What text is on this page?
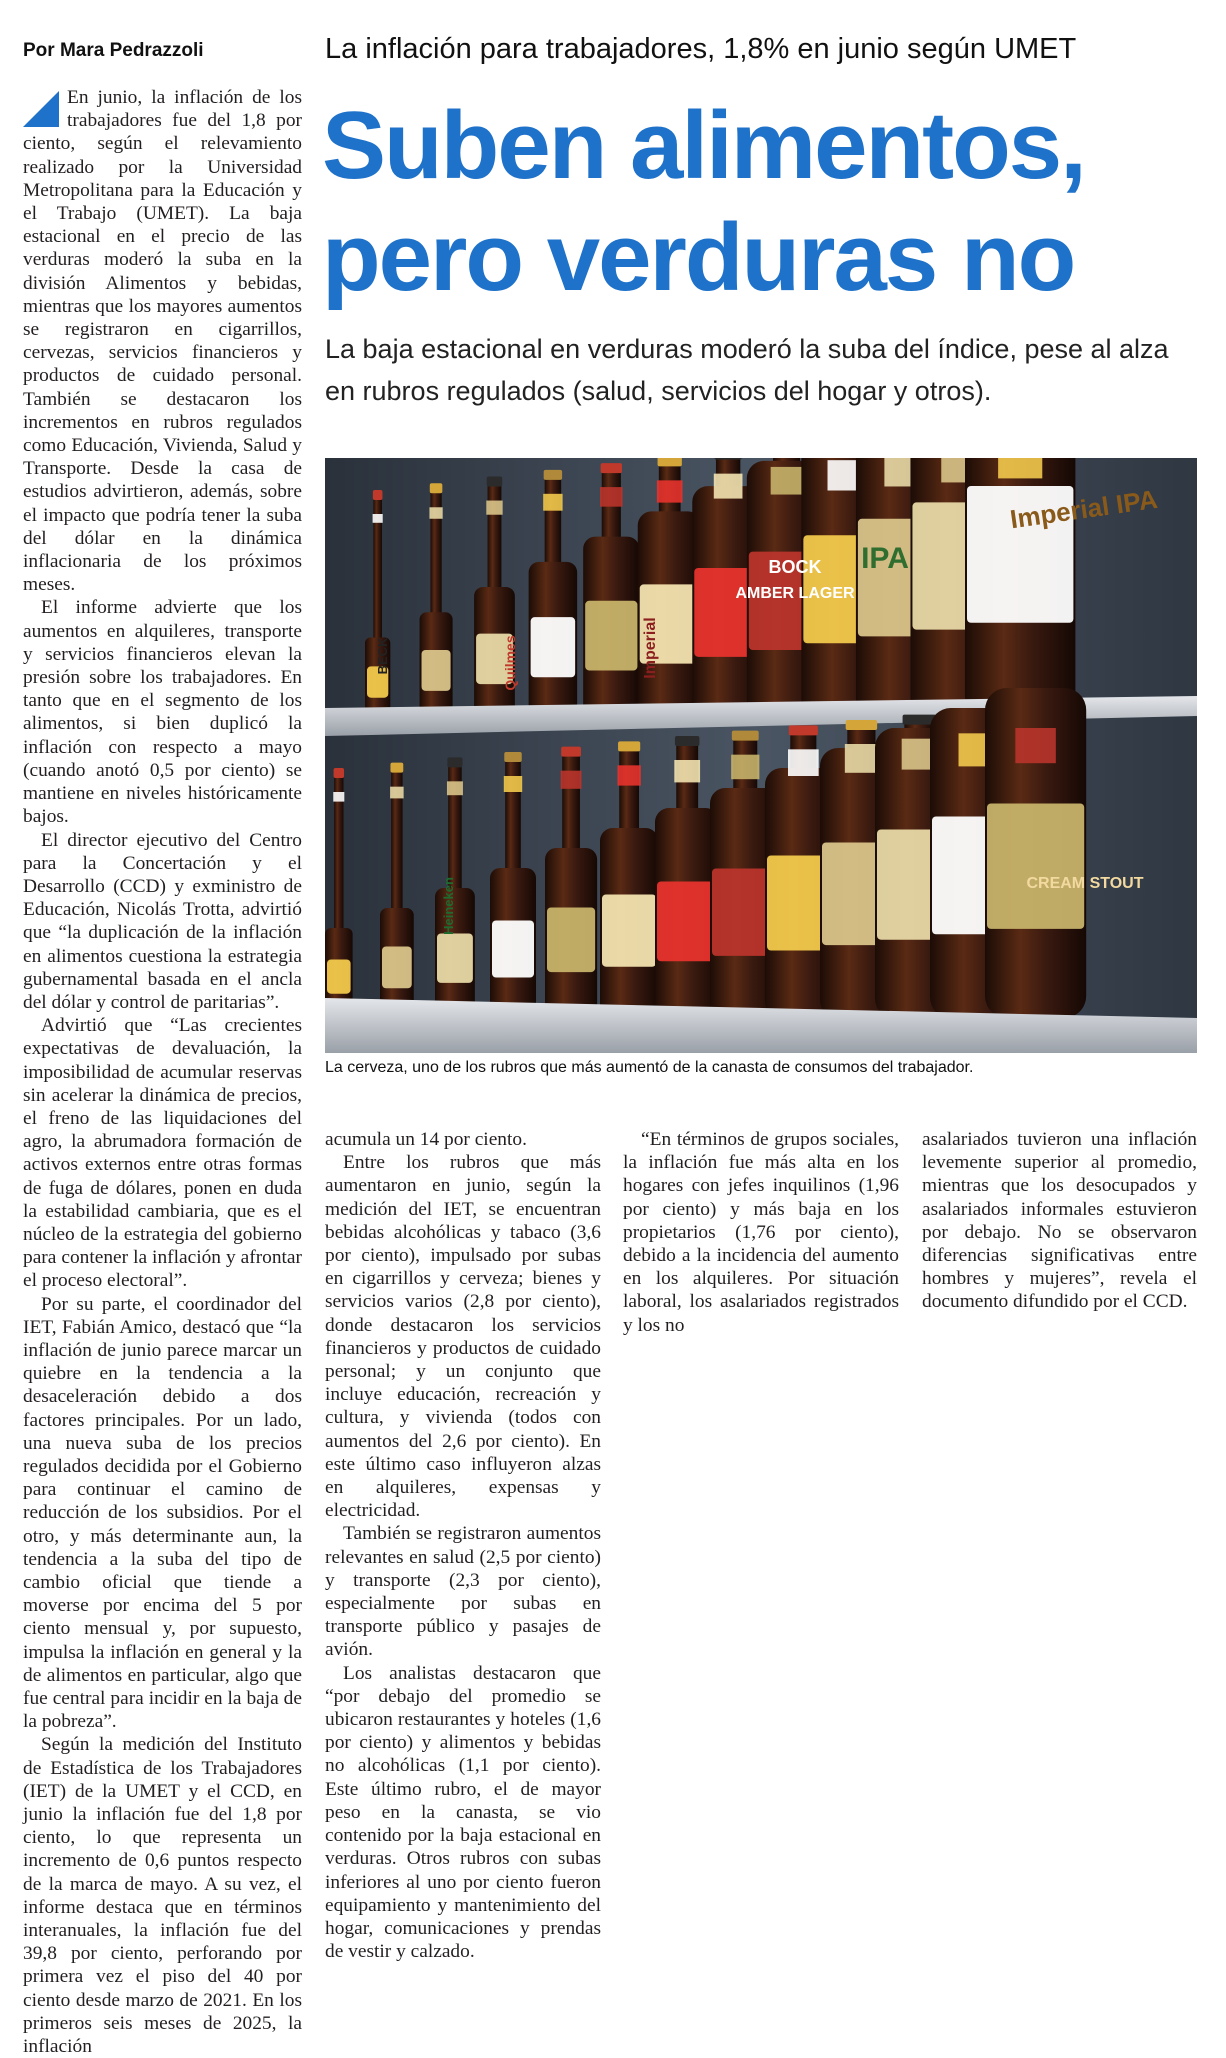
Por Mara Pedrazzoli	La inflación para trabajadores, 1,8% en junio según UMET
Suben alimentos, pero verduras no

La baja estacional en verduras moderó la suba del índice, pese al alza en rubros regulados (salud, servicios del hogar y otros).

BECK	Quilmes
Heineken
Imperial
BOCK
AMBER LAGER
IPA
Imperial IPA
CREAM STOUT
La cerveza, uno de los rubros que más aumentó de la canasta de consumos del trabajador.

En junio, la inflación de los trabajadores fue del 1,8 por ciento, según el relevamiento realizado por la Universidad Metropolitana para la Educación y el Trabajo (UMET). La baja estacional en el precio de las verduras moderó la suba en la división Alimentos y bebidas, mientras que los mayores aumentos se registraron en cigarrillos, cervezas, servicios financieros y productos de cuidado personal. También se destacaron los incrementos en rubros regulados como Educación, Vivienda, Salud y Transporte. Desde la casa de estudios advirtieron, además, sobre el impacto que podría tener la suba del dólar en la dinámica inflacionaria de los próximos meses.

El informe advierte que los aumentos en alquileres, transporte y servicios financieros elevan la presión sobre los trabajadores. En tanto que en el segmento de los alimentos, si bien duplicó la inflación con respecto a mayo (cuando anotó 0,5 por ciento) se mantiene en niveles históricamente bajos.

El director ejecutivo del Centro para la Concertación y el Desarrollo (CCD) y exministro de Educación, Nicolás Trotta, advirtió que “la duplicación de la inflación en alimentos cuestiona la estrategia gubernamental basada en el ancla del dólar y control de paritarias”.

Advirtió que “Las crecientes expectativas de devaluación, la imposibilidad de acumular reservas sin acelerar la dinámica de precios, el freno de las liquidaciones del agro, la abrumadora formación de activos externos entre otras formas de fuga de dólares, ponen en duda la estabilidad cambiaria, que es el núcleo de la estrategia del gobierno para contener la inflación y afrontar el proceso electoral”.

Por su parte, el coordinador del IET, Fabián Amico, destacó que “la inflación de junio parece marcar un quiebre en la tendencia a la desaceleración debido a dos factores principales. Por un lado, una nueva suba de los precios regulados decidida por el Gobierno para continuar el camino de reducción de los subsidios. Por el otro, y más determinante aun, la tendencia a la suba del tipo de cambio oficial que tiende a moverse por encima del 5 por ciento mensual y, por supuesto, impulsa la inflación en general y la de alimentos en particular, algo que fue central para incidir en la baja de la pobreza”.

Según la medición del Instituto de Estadística de los Trabajadores (IET) de la UMET y el CCD, en junio la inflación fue del 1,8 por ciento, lo que representa un incremento de 0,6 puntos respecto de la marca de mayo. A su vez, el informe destaca que en términos interanuales, la inflación fue del 39,8 por ciento, perforando por primera vez el piso del 40 por ciento desde marzo de 2021. En los primeros seis meses de 2025, la inflación

acumula un 14 por ciento.

Entre los rubros que más aumentaron en junio, según la medición del IET, se encuentran bebidas alcohólicas y tabaco (3,6 por ciento), impulsado por subas en cigarrillos y cerveza; bienes y servicios varios (2,8 por ciento), donde destacaron los servicios financieros y productos de cuidado personal; y un conjunto que incluye educación, recreación y cultura, y vivienda (todos con aumentos del 2,6 por ciento). En este último caso influyeron alzas en alquileres, expensas y electricidad.

También se registraron aumentos relevantes en salud (2,5 por ciento) y transporte (2,3 por ciento), especialmente por subas en transporte público y pasajes de avión.

Los analistas destacaron que “por debajo del promedio se ubicaron restaurantes y hoteles (1,6 por ciento) y alimentos y bebidas no alcohólicas (1,1 por ciento). Este último rubro, el de mayor peso en la canasta, se vio contenido por la baja estacional en verduras. Otros rubros con subas inferiores al uno por ciento fueron equipamiento y mantenimiento del hogar, comunicaciones y prendas de vestir y calzado.

“En términos de grupos sociales, la inflación fue más alta en los hogares con jefes inquilinos (1,96 por ciento) y más baja en los propietarios (1,76 por ciento), debido a la incidencia del aumento en los alquileres. Por situación laboral, los asalariados registrados y los no

asalariados tuvieron una inflación levemente superior al promedio, mientras que los desocupados y asalariados informales estuvieron por debajo. No se observaron diferencias significativas entre hombres y mujeres”, revela el documento difundido por el CCD.
